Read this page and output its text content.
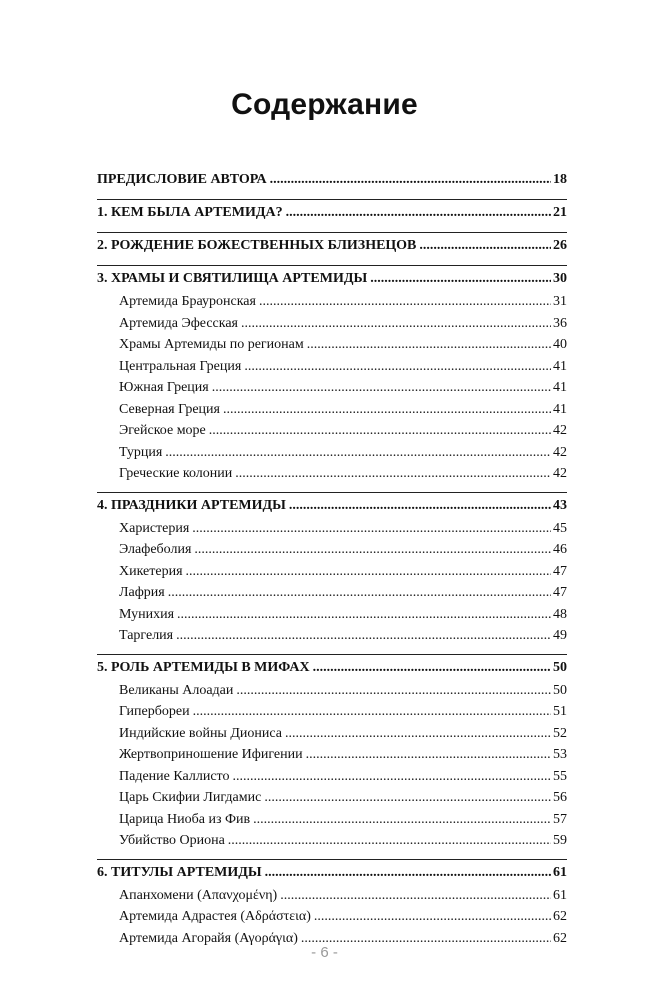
Содержание
ПРЕДИСЛОВИЕ АВТОРА .....	18
1. КЕМ БЫЛА АРТЕМИДА? .....	21
2. РОЖДЕНИЕ БОЖЕСТВЕННЫХ БЛИЗНЕЦОВ .....	26
3. ХРАМЫ И СВЯТИЛИЩА АРТЕМИДЫ .....	30
Артемида Брауронская .....	31
Артемида Эфесская .....	36
Храмы Артемиды по регионам .....	40
Центральная Греция .....	41
Южная Греция .....	41
Северная Греция .....	41
Эгейское море .....	42
Турция .....	42
Греческие колонии .....	42
4. ПРАЗДНИКИ АРТЕМИДЫ .....	43
Харистерия .....	45
Элафеболия .....	46
Хикетерия .....	47
Лафрия .....	47
Мунихия .....	48
Таргелия .....	49
5. РОЛЬ АРТЕМИДЫ В МИФАХ .....	50
Великаны Алоадаи .....	50
Гипербореи .....	51
Индийские войны Диониса .....	52
Жертвоприношение Ифигении .....	53
Падение Каллисто .....	55
Царь Скифии Лигдамис .....	56
Царица Ниоба из Фив .....	57
Убийство Ориона .....	59
6. ТИТУЛЫ АРТЕМИДЫ .....	61
Апанхомени (Απανχομένη) .....	61
Артемида Адрастея (Αδράστεια) .....	62
Артемида Агорайя (Αγοράγια) .....	62
- 6 -
